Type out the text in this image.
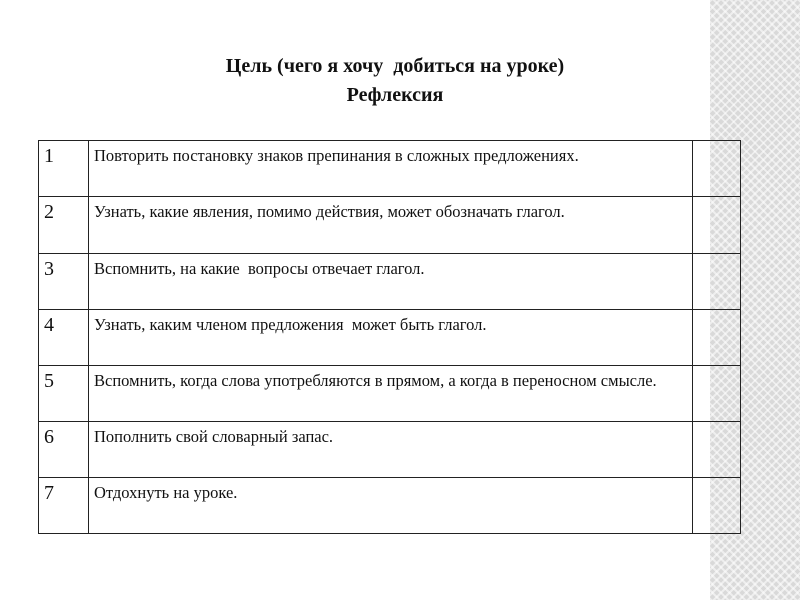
Цель (чего я хочу  добиться на уроке)
Рефлексия
1	Повторить постановку знаков препинания в сложных предложениях.	
2	Узнать, какие явления, помимо действия, может обозначать глагол.	
3	Вспомнить, на какие  вопросы отвечает глагол.	
4	Узнать, каким членом предложения  может быть глагол.	
5	Вспомнить, когда слова употребляются в прямом, а когда в переносном смысле.	
6	Пополнить свой словарный запас.	
7	Отдохнуть на уроке.	
